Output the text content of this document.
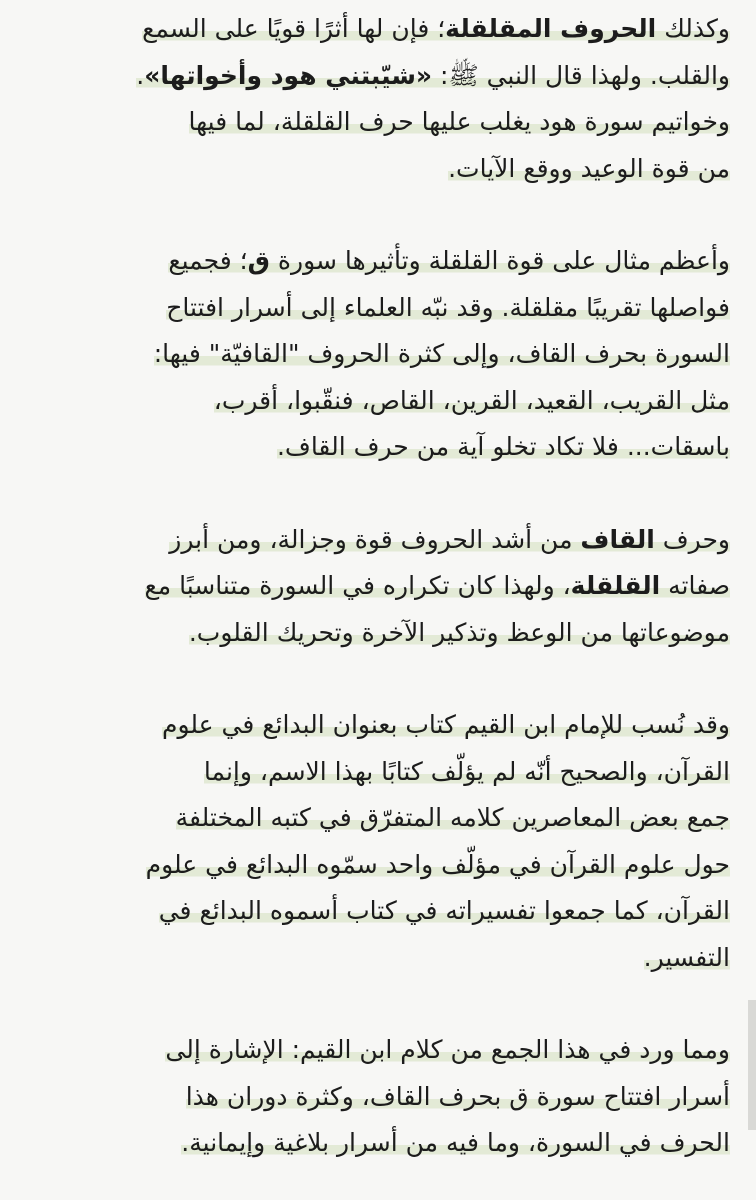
وكذلك الحروف المقلقلة؛ فإن لها أثرًا قويًا على السمع
والقلب. ولهذا قال النبي ﷺ: «شيّبتني هود وأخواتها».
وخواتيم سورة هود يغلب عليها حرف القلقلة، لما فيها
من قوة الوعيد ووقع الآيات.

وأعظم مثال على قوة القلقلة وتأثيرها سورة ق؛ فجميع
فواصلها تقريبًا مقلقلة. وقد نبّه العلماء إلى أسرار افتتاح
السورة بحرف القاف، وإلى كثرة الحروف "القافيّة" فيها:
مثل القريب، القعيد، القرين، القاص، فنقّبوا، أقرب،
باسقات... فلا تكاد تخلو آية من حرف القاف.

وحرف القاف من أشد الحروف قوة وجزالة، ومن أبرز
صفاته القلقلة، ولهذا كان تكراره في السورة متناسبًا مع
موضوعاتها من الوعظ وتذكير الآخرة وتحريك القلوب.

وقد نُسب للإمام ابن القيم كتاب بعنوان البدائع في علوم
القرآن، والصحيح أنّه لم يؤلّف كتابًا بهذا الاسم، وإنما
جمع بعض المعاصرين كلامه المتفرّق في كتبه المختلفة
حول علوم القرآن في مؤلّف واحد سمّوه البدائع في علوم
القرآن، كما جمعوا تفسيراته في كتاب أسموه البدائع في
التفسير.

ومما ورد في هذا الجمع من كلام ابن القيم: الإشارة إلى
أسرار افتتاح سورة ق بحرف القاف، وكثرة دوران هذا
الحرف في السورة، وما فيه من أسرار بلاغية وإيمانية.
